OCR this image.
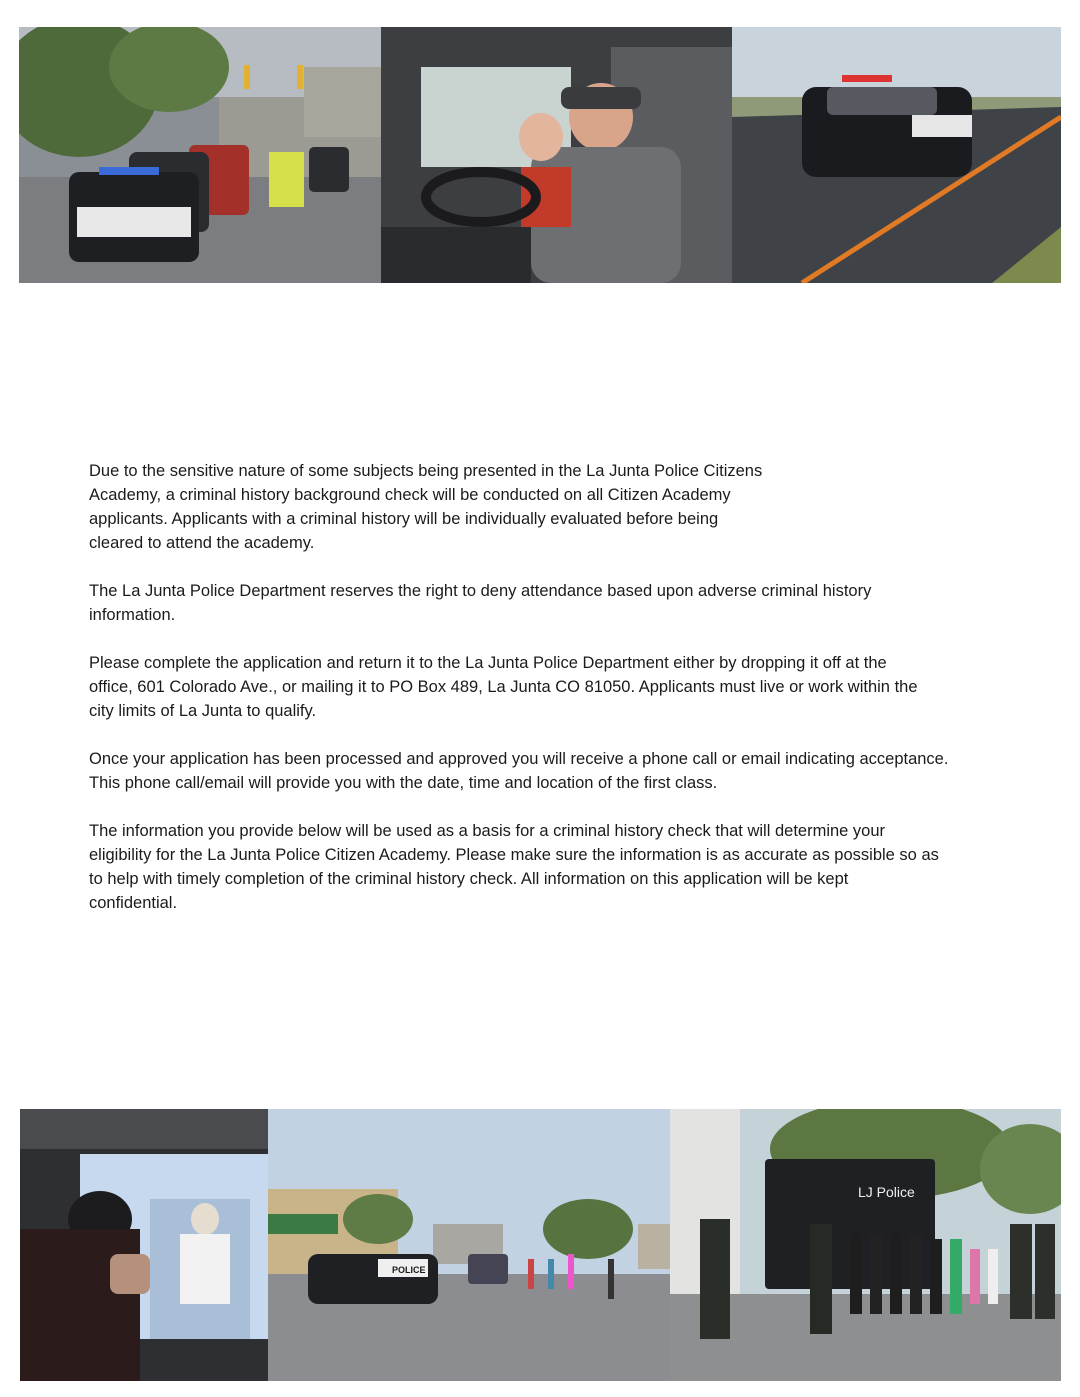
Due to the sensitive nature of some subjects being presented in the La Junta Police Citizens
Academy, a criminal history background check will be conducted on all Citizen Academy
applicants. Applicants with a criminal history will be individually evaluated before being
cleared to attend the academy.

The La Junta Police Department reserves the right to deny attendance based upon adverse criminal history
information.

Please complete the application and return it to the La Junta Police Department either by dropping it off at the
office, 601 Colorado Ave., or mailing it to PO Box 489, La Junta CO 81050. Applicants must live or work within the
city limits of La Junta to qualify.

Once your application has been processed and approved you will receive a phone call or email indicating acceptance.
This phone call/email will provide you with the date, time and location of the first class.

The information you provide below will be used as a basis for a criminal history check that will determine your
eligibility for the La Junta Police Citizen Academy. Please make sure the information is as accurate as possible so as
to help with timely completion of the criminal history check. All information on this application will be kept
confidential.

POLICE
LJ Police
